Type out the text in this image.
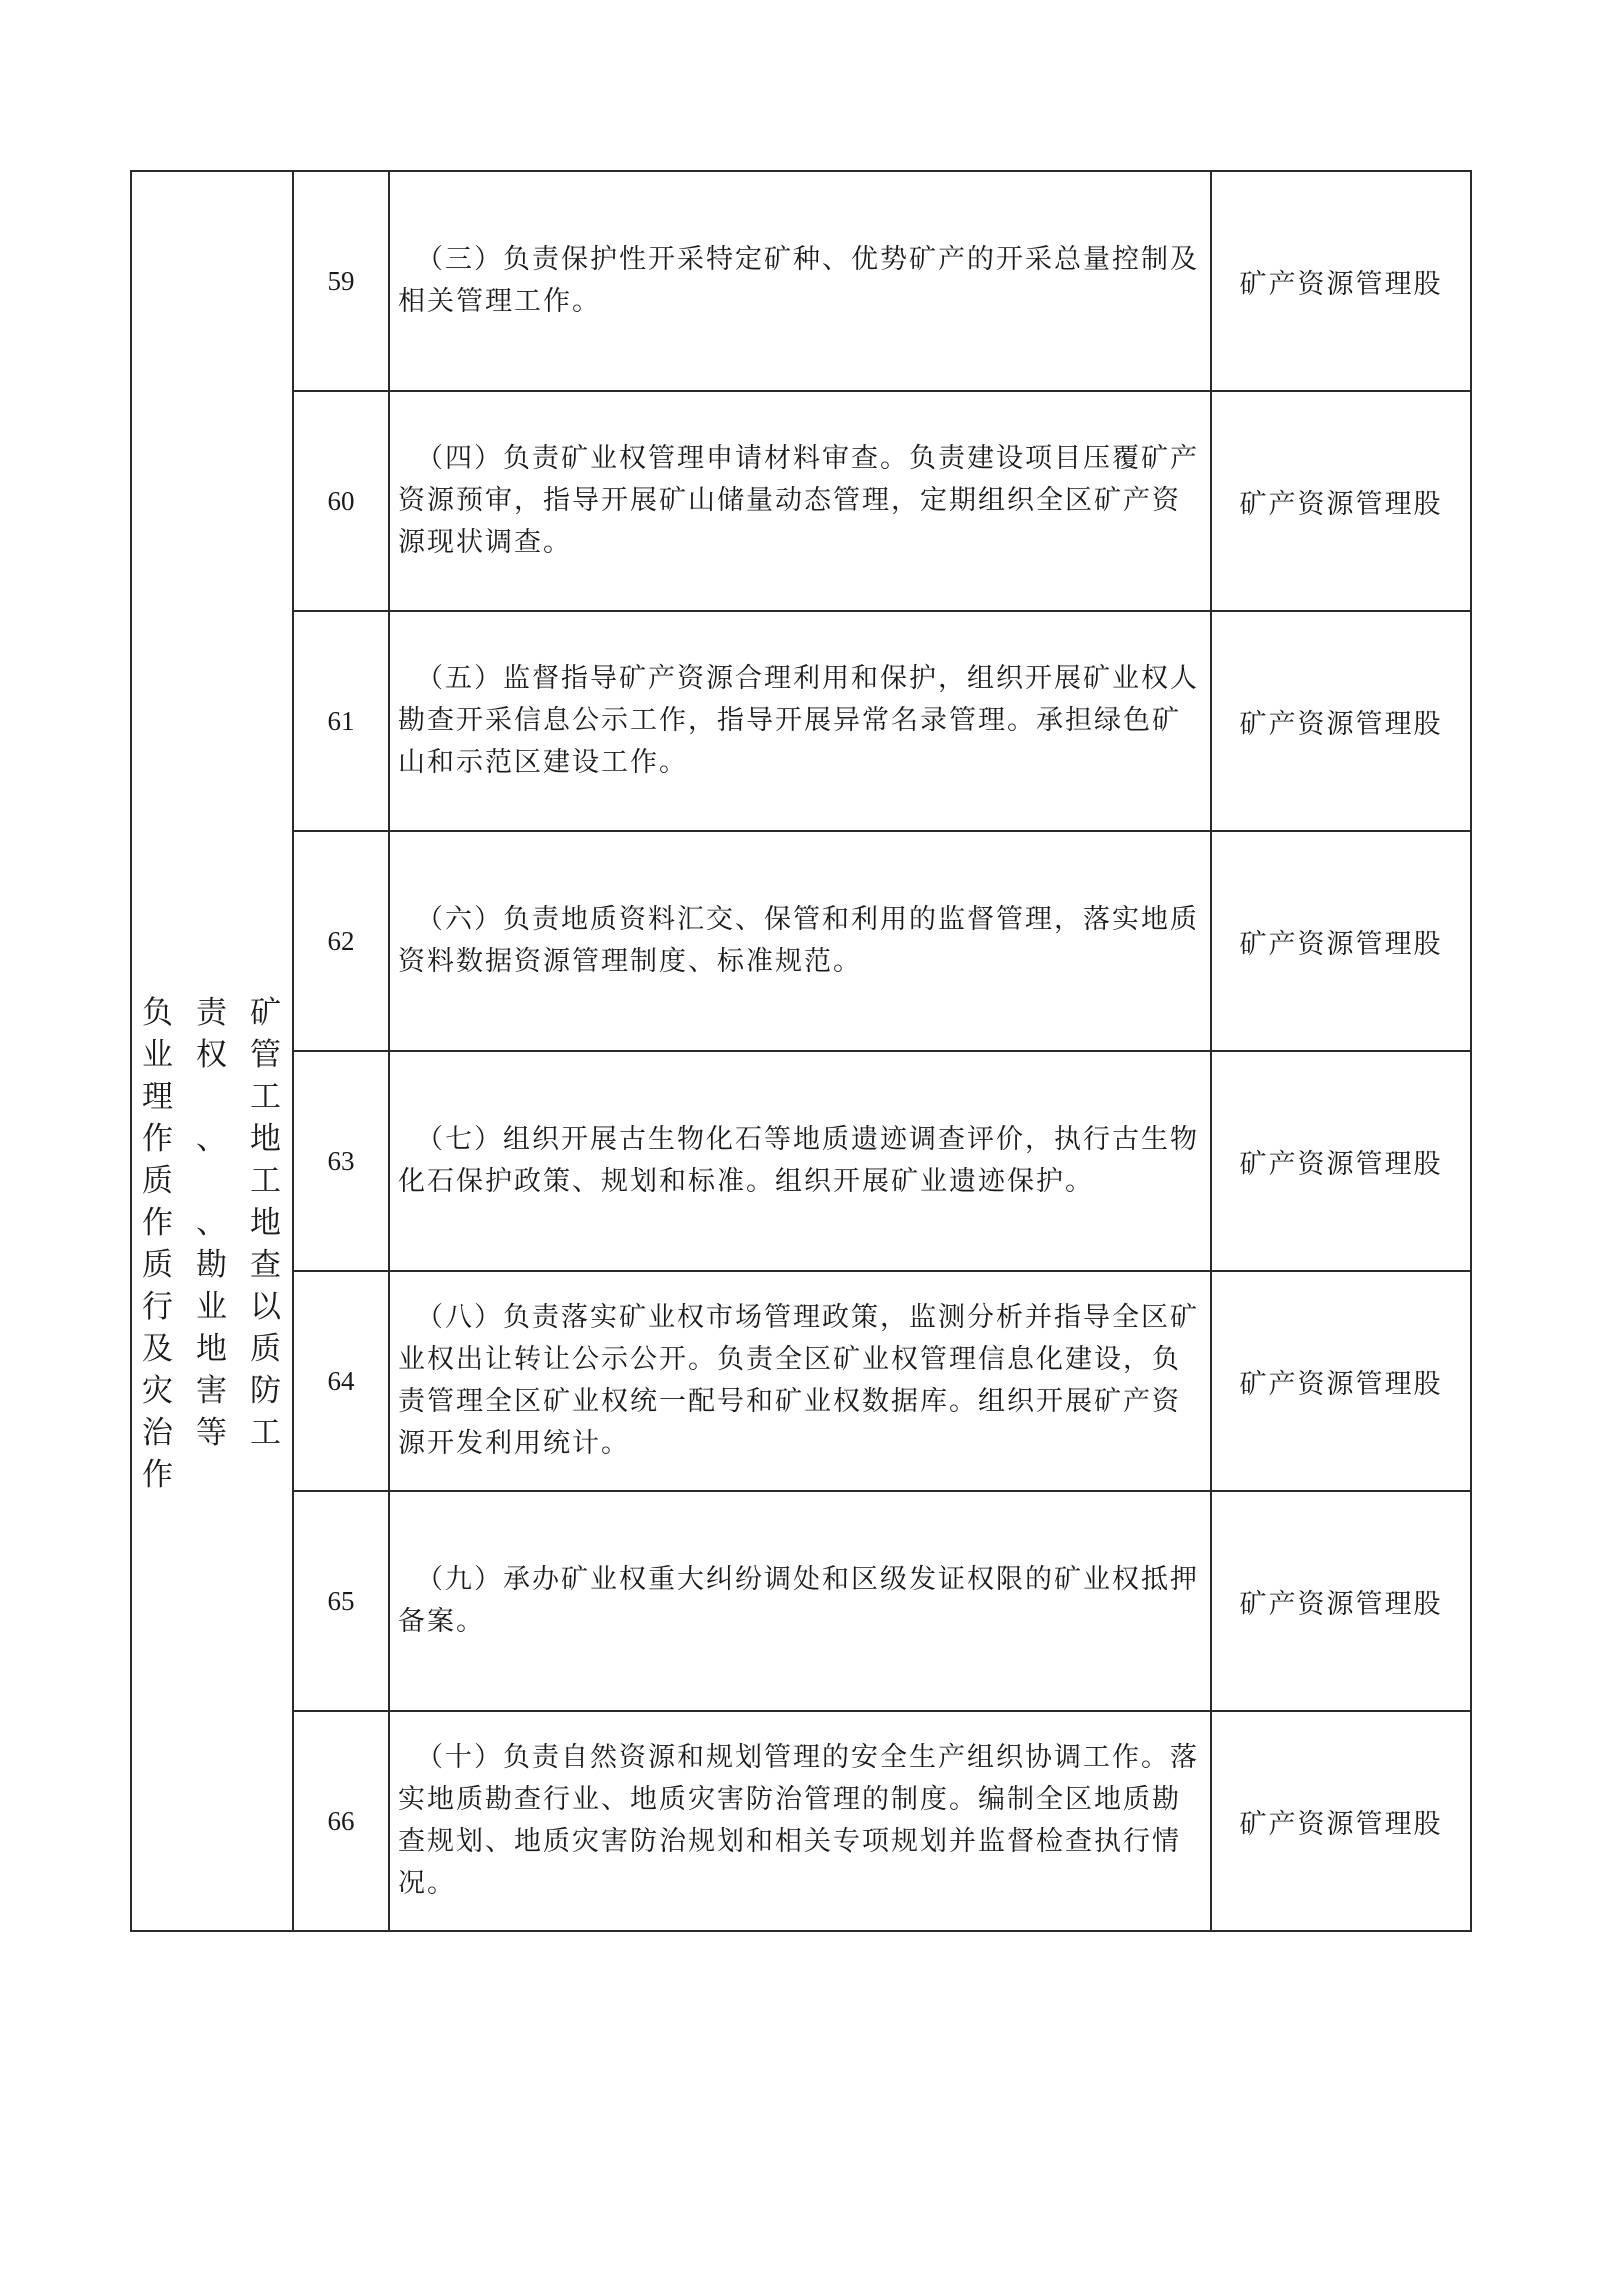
负责矿业权管理工作、地质工作、地质勘查行业以及地质灾害防治等工作	59	（三）负责保护性开采特定矿种、优势矿产的开采总量控制及相关管理工作。	矿产资源管理股
	60	（四）负责矿业权管理申请材料审查。负责建设项目压覆矿产资源预审，指导开展矿山储量动态管理，定期组织全区矿产资源现状调查。	矿产资源管理股
	61	（五）监督指导矿产资源合理利用和保护，组织开展矿业权人勘查开采信息公示工作，指导开展异常名录管理。承担绿色矿山和示范区建设工作。	矿产资源管理股
	62	（六）负责地质资料汇交、保管和利用的监督管理，落实地质资料数据资源管理制度、标准规范。	矿产资源管理股
	63	（七）组织开展古生物化石等地质遗迹调查评价，执行古生物化石保护政策、规划和标准。组织开展矿业遗迹保护。	矿产资源管理股
	64	（八）负责落实矿业权市场管理政策，监测分析并指导全区矿业权出让转让公示公开。负责全区矿业权管理信息化建设，负责管理全区矿业权统一配号和矿业权数据库。组织开展矿产资源开发利用统计。	矿产资源管理股
	65	（九）承办矿业权重大纠纷调处和区级发证权限的矿业权抵押备案。	矿产资源管理股
	66	（十）负责自然资源和规划管理的安全生产组织协调工作。落实地质勘查行业、地质灾害防治管理的制度。编制全区地质勘查规划、地质灾害防治规划和相关专项规划并监督检查执行情况。	矿产资源管理股
